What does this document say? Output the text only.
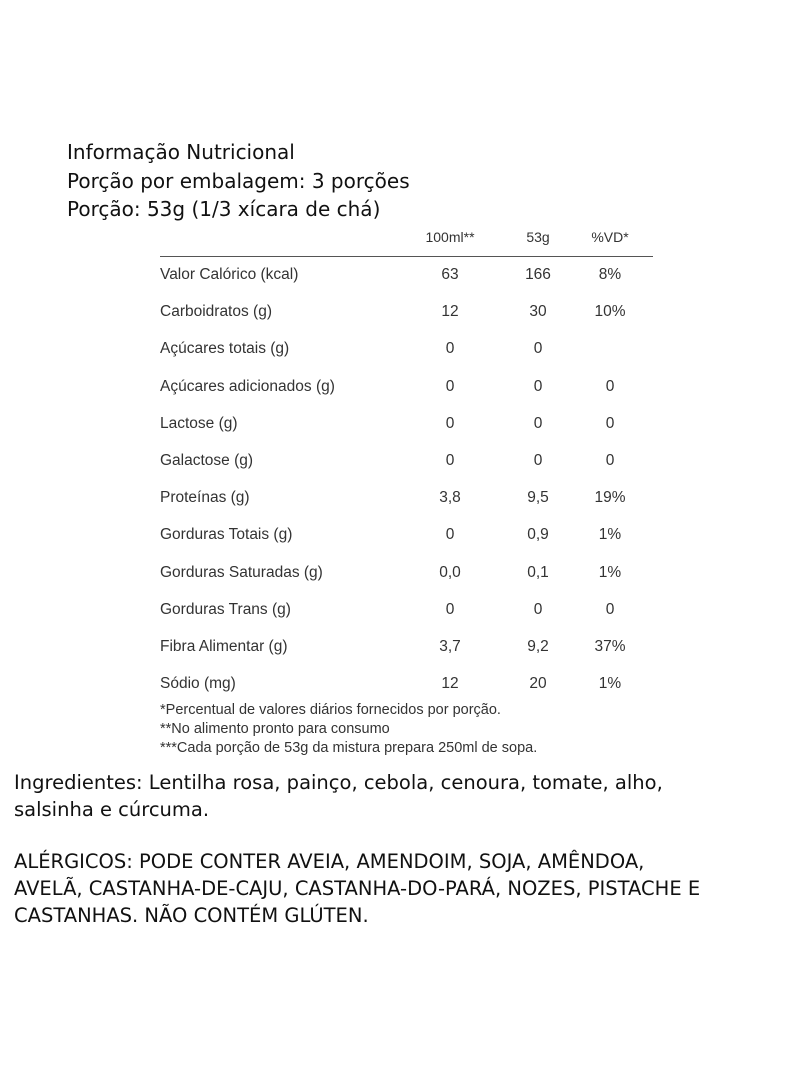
Informação Nutricional
Porção por embalagem: 3 porções
Porção: 53g (1/3 xícara de chá)
100ml**	53g	%VD*
Valor Calórico (kcal)	63	166	8%
Carboidratos (g)	12	30	10%
Açúcares totais (g)	0	0
Açúcares adicionados (g)	0	0	0
Lactose (g)	0	0	0
Galactose (g)	0	0	0
Proteínas (g)	3,8	9,5	19%
Gorduras Totais (g)	0	0,9	1%
Gorduras Saturadas (g)	0,0	0,1	1%
Gorduras Trans (g)	0	0	0
Fibra Alimentar (g)	3,7	9,2	37%
Sódio (mg)	12	20	1%
*Percentual de valores diários fornecidos por porção.
**No alimento pronto para consumo
***Cada porção de 53g da mistura prepara 250ml de sopa.
Ingredientes: Lentilha rosa, painço, cebola, cenoura, tomate, alho,
salsinha e cúrcuma.
ALÉRGICOS: PODE CONTER AVEIA, AMENDOIM, SOJA, AMÊNDOA,
AVELÃ, CASTANHA-DE-CAJU, CASTANHA-DO-PARÁ, NOZES, PISTACHE E
CASTANHAS. NÃO CONTÉM GLÚTEN.
